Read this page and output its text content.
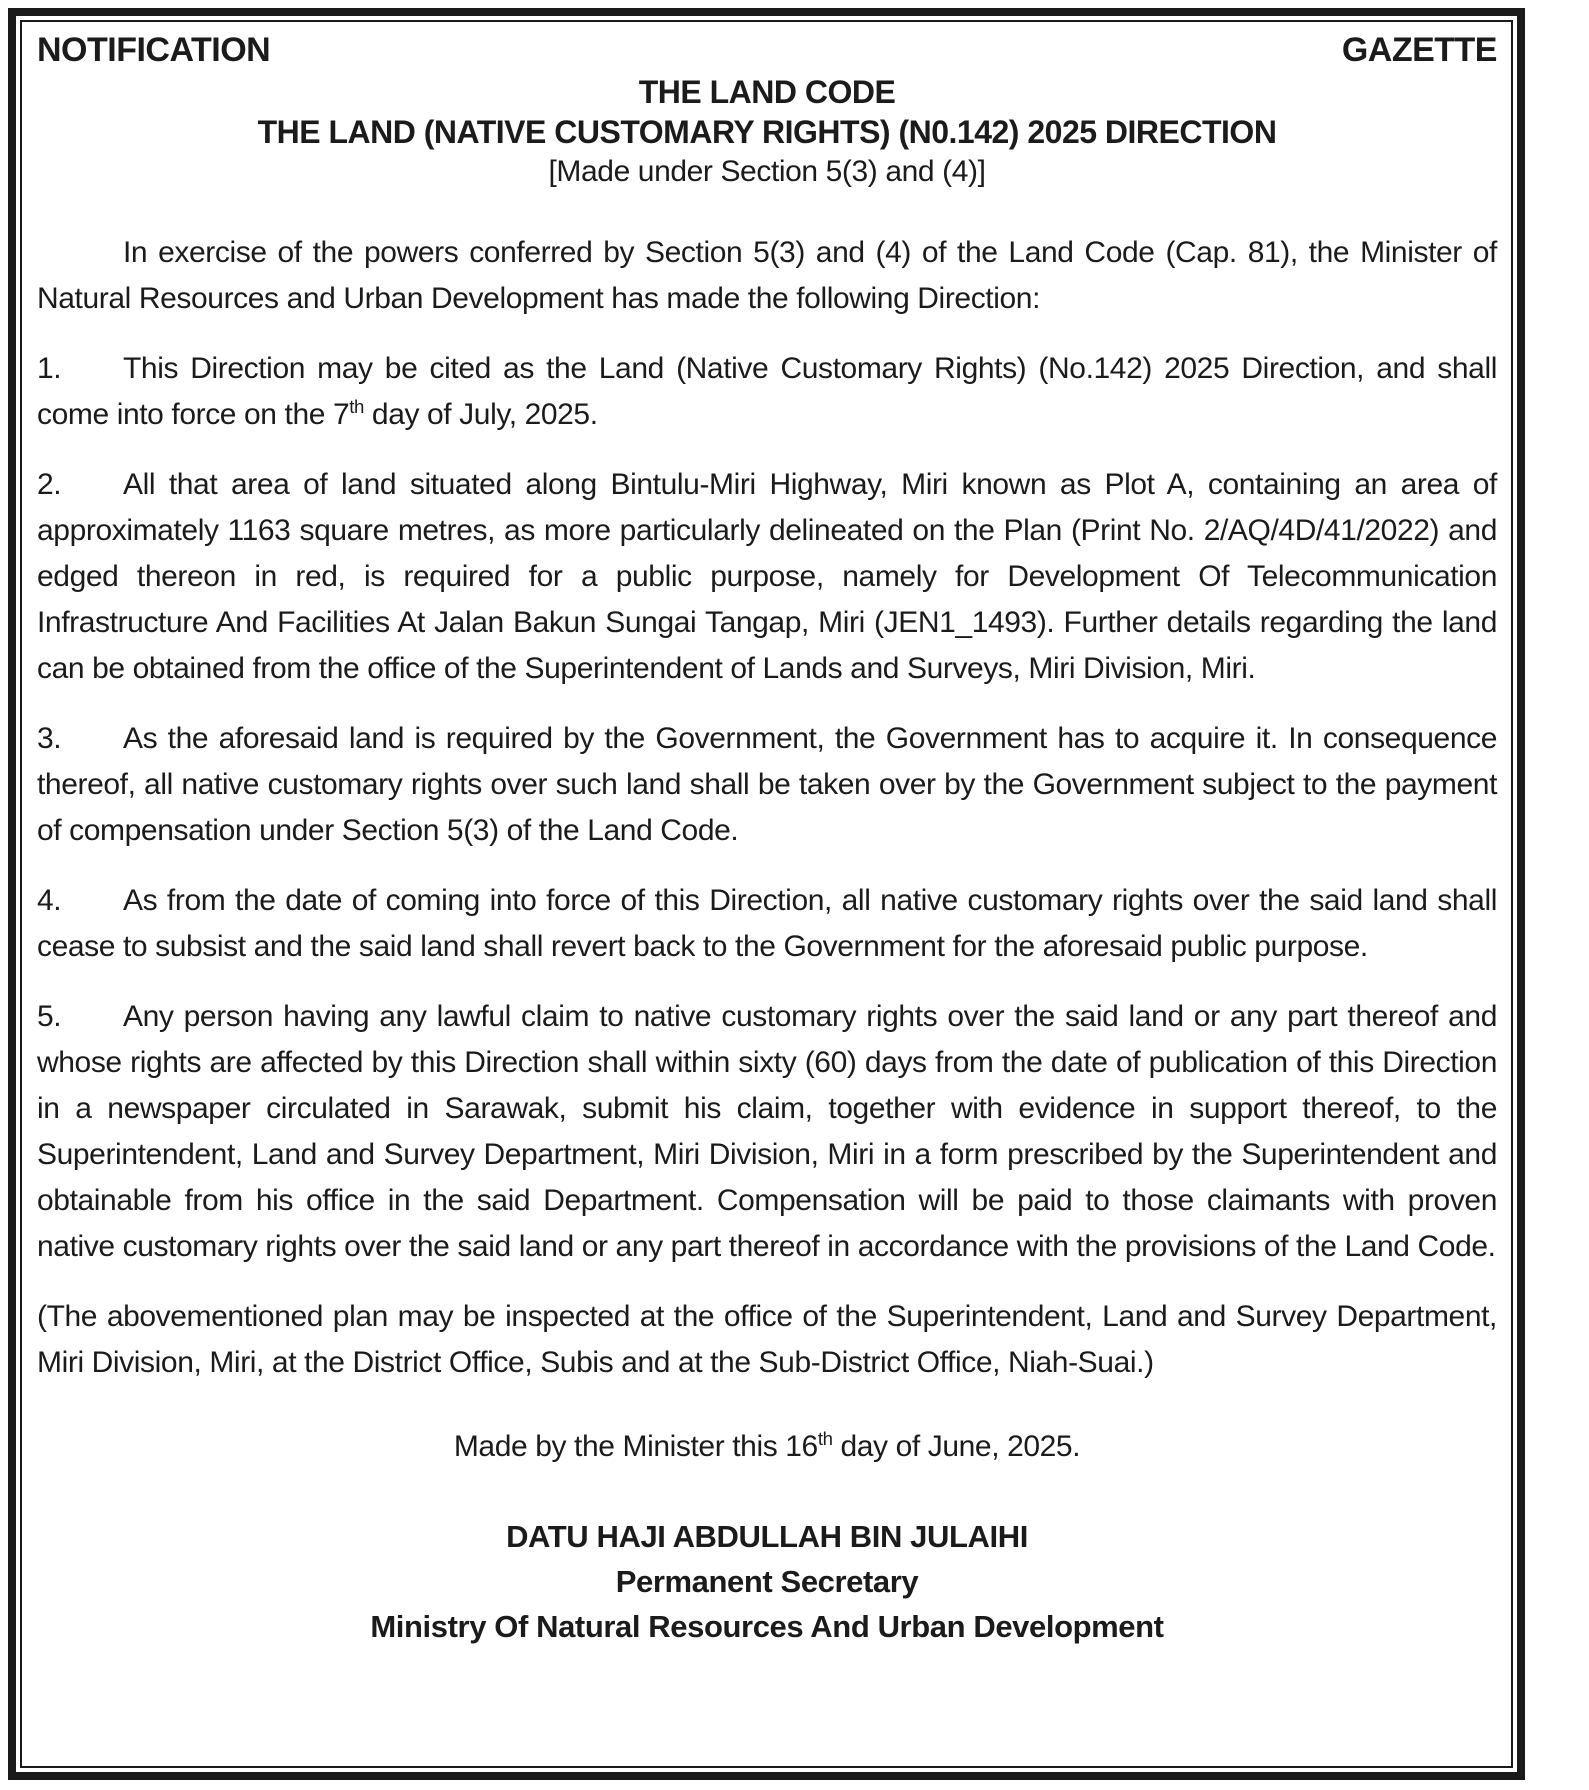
NOTIFICATION	GAZETTE
THE LAND CODE
THE LAND (NATIVE CUSTOMARY RIGHTS) (N0.142) 2025 DIRECTION
[Made under Section 5(3) and (4)]

In exercise of the powers conferred by Section 5(3) and (4) of the Land Code (Cap. 81), the Minister of Natural Resources and Urban Development has made the following Direction:

1. This Direction may be cited as the Land (Native Customary Rights) (No.142) 2025 Direction, and shall come into force on the 7th day of July, 2025.

2. All that area of land situated along Bintulu-Miri Highway, Miri known as Plot A, containing an area of approximately 1163 square metres, as more particularly delineated on the Plan (Print No. 2/AQ/4D/41/2022) and edged thereon in red, is required for a public purpose, namely for Development Of Telecommunication Infrastructure And Facilities At Jalan Bakun Sungai Tangap, Miri (JEN1_1493). Further details regarding the land can be obtained from the office of the Superintendent of Lands and Surveys, Miri Division, Miri.

3. As the aforesaid land is required by the Government, the Government has to acquire it. In consequence thereof, all native customary rights over such land shall be taken over by the Government subject to the payment of compensation under Section 5(3) of the Land Code.

4. As from the date of coming into force of this Direction, all native customary rights over the said land shall cease to subsist and the said land shall revert back to the Government for the aforesaid public purpose.

5. Any person having any lawful claim to native customary rights over the said land or any part thereof and whose rights are affected by this Direction shall within sixty (60) days from the date of publication of this Direction in a newspaper circulated in Sarawak, submit his claim, together with evidence in support thereof, to the Superintendent, Land and Survey Department, Miri Division, Miri in a form prescribed by the Superintendent and obtainable from his office in the said Department. Compensation will be paid to those claimants with proven native customary rights over the said land or any part thereof in accordance with the provisions of the Land Code.

(The abovementioned plan may be inspected at the office of the Superintendent, Land and Survey Department, Miri Division, Miri, at the District Office, Subis and at the Sub-District Office, Niah-Suai.)

Made by the Minister this 16th day of June, 2025.

DATU HAJI ABDULLAH BIN JULAIHI
Permanent Secretary
Ministry Of Natural Resources And Urban Development
